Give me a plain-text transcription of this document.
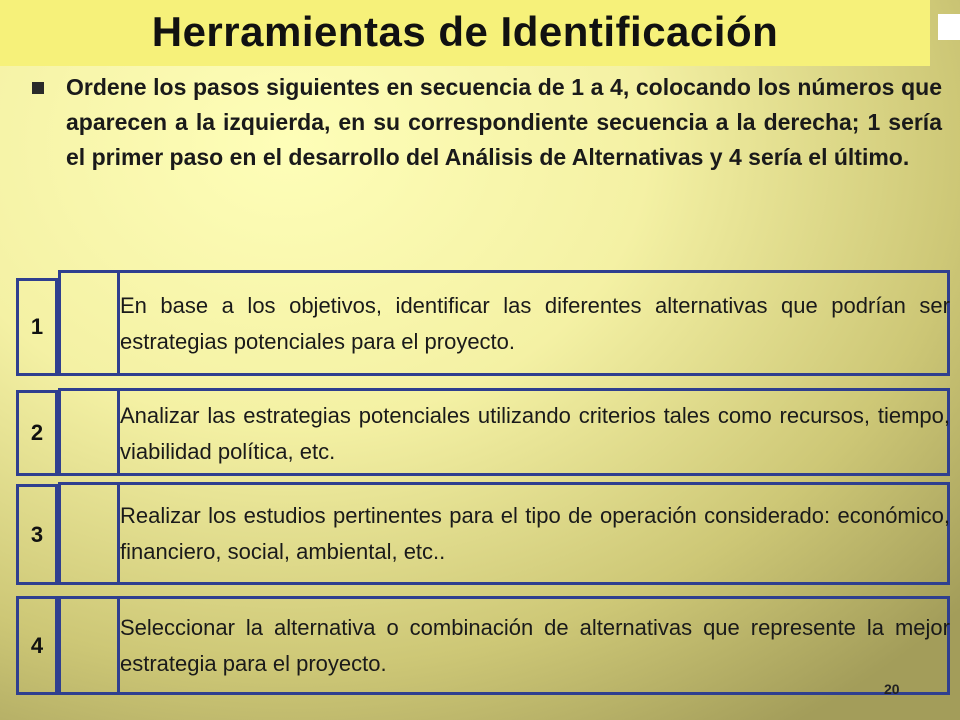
Herramientas de Identificación
Ordene los pasos siguientes en secuencia de 1 a 4, colocando los números que aparecen a la izquierda, en su correspondiente secuencia a la derecha; 1 sería el primer paso en el desarrollo del Análisis de Alternativas y 4 sería el último.
1
En base a los objetivos, identificar las diferentes alternativas que podrían ser estrategias potenciales para el proyecto.
2
Analizar las estrategias potenciales utilizando criterios tales como recursos, tiempo, viabilidad política, etc.
3
Realizar los estudios pertinentes para el tipo de operación considerado: económico, financiero, social, ambiental, etc..
4
Seleccionar la alternativa o combinación de alternativas que represente la mejor estrategia para el proyecto.
20
